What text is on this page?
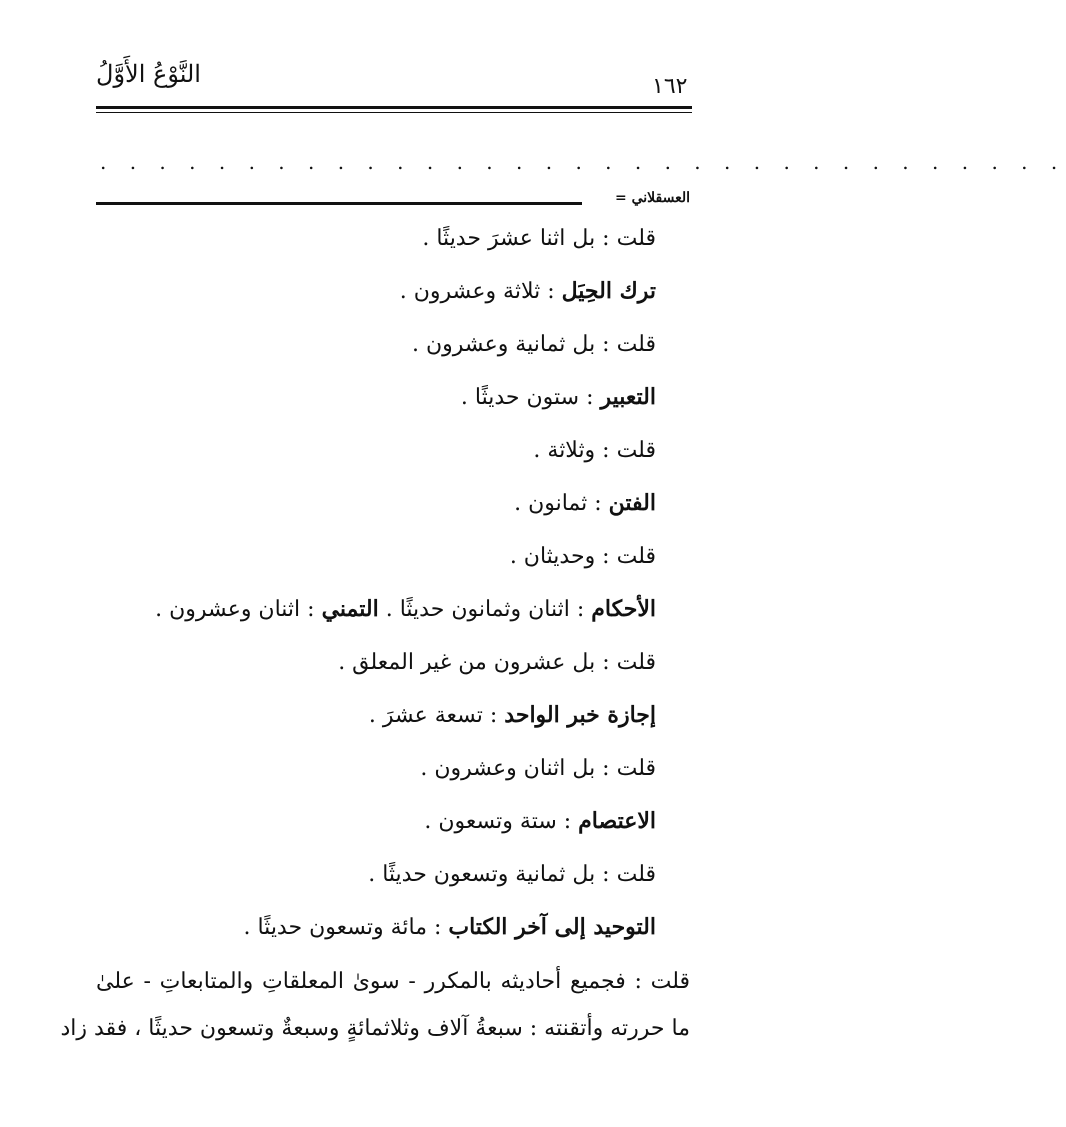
١٦٢
النَّوْعُ الأَوَّلُ
. . . . . . . . . . . . . . . . . . . . . . . . . . . . . . . . .
العسقلاني =
قلت : بل اثنا عشرَ حديثًا .
ترك الحِيَل : ثلاثة وعشرون .
قلت : بل ثمانية وعشرون .
التعبير : ستون حديثًا .
قلت : وثلاثة .
الفتن : ثمانون .
قلت : وحديثان .
الأحكام : اثنان وثمانون حديثًا . التمني : اثنان وعشرون .
قلت : بل عشرون من غير المعلق .
إجازة خبر الواحد : تسعة عشرَ .
قلت : بل اثنان وعشرون .
الاعتصام : ستة وتسعون .
قلت : بل ثمانية وتسعون حديثًا .
التوحيد إلى آخر الكتاب : مائة وتسعون حديثًا .
قلت : فجميع أحاديثه بالمكرر - سوىٰ المعلقاتِ والمتابعاتِ - علىٰ
ما حررته وأتقنته : سبعةُ آلاف وثلاثمائةٍ وسبعةٌ وتسعون حديثًا ، فقد زاد
